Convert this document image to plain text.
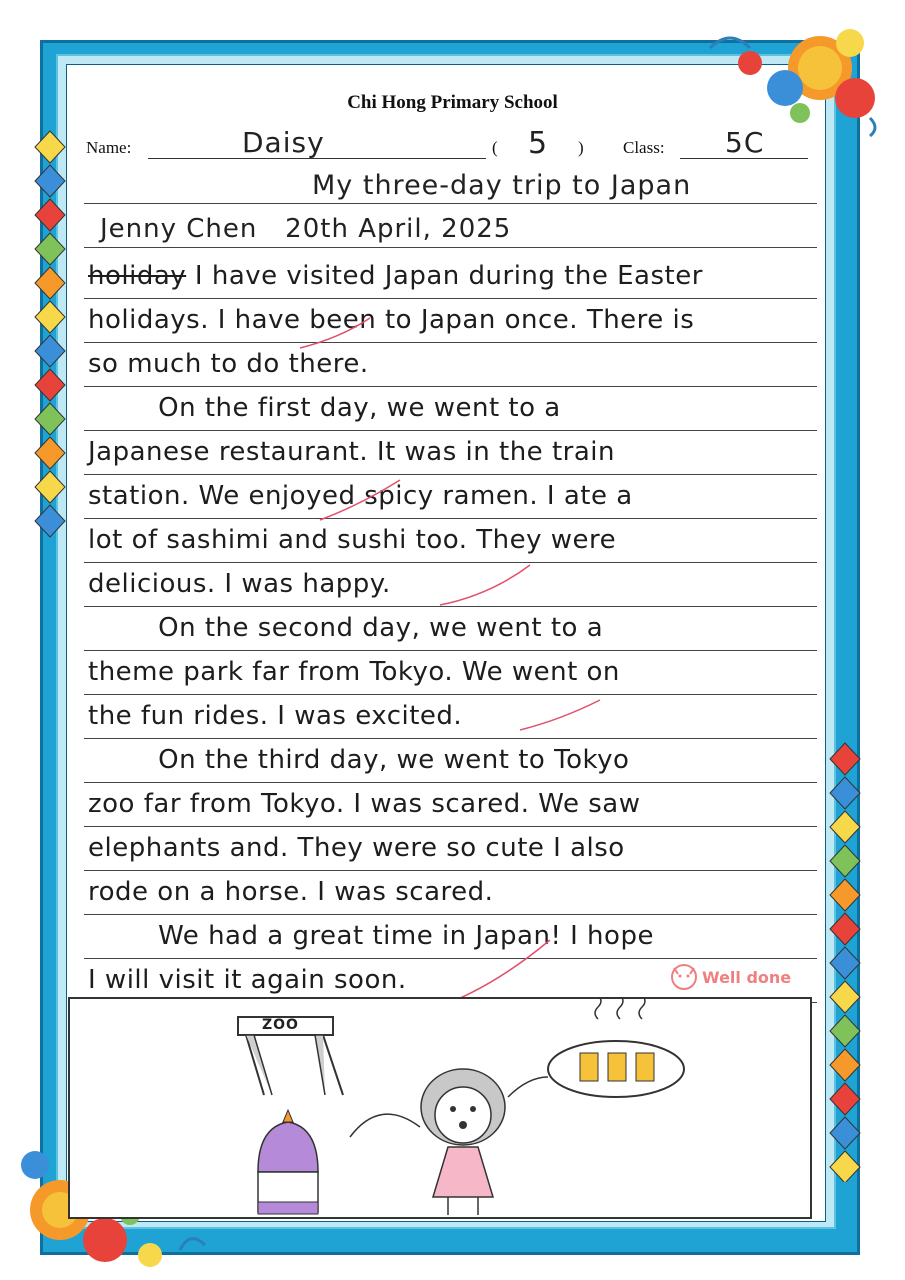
Chi Hong Primary School
Name:	Daisy	( 5 ) Class: 5C
My three-day trip to Japan
Jenny Chen   20th April, 2025
holiday I have visited Japan during the Easter
holidays. I have been to Japan once. There is
so much to do there.
On the first day, we went to a
Japanese restaurant. It was in the train
station. We enjoyed spicy ramen. I ate a
lot of sashimi and sushi too. They were
delicious. I was happy.
On the second day, we went to a
theme park far from Tokyo. We went on
the fun rides. I was excited.
On the third day, we went to Tokyo
zoo far from Tokyo. I was scared. We saw
elephants and. They were so cute I also
rode on a horse. I was scared.
We had a great time in Japan! I hope
I will visit it again soon.	Well done
ZOO
